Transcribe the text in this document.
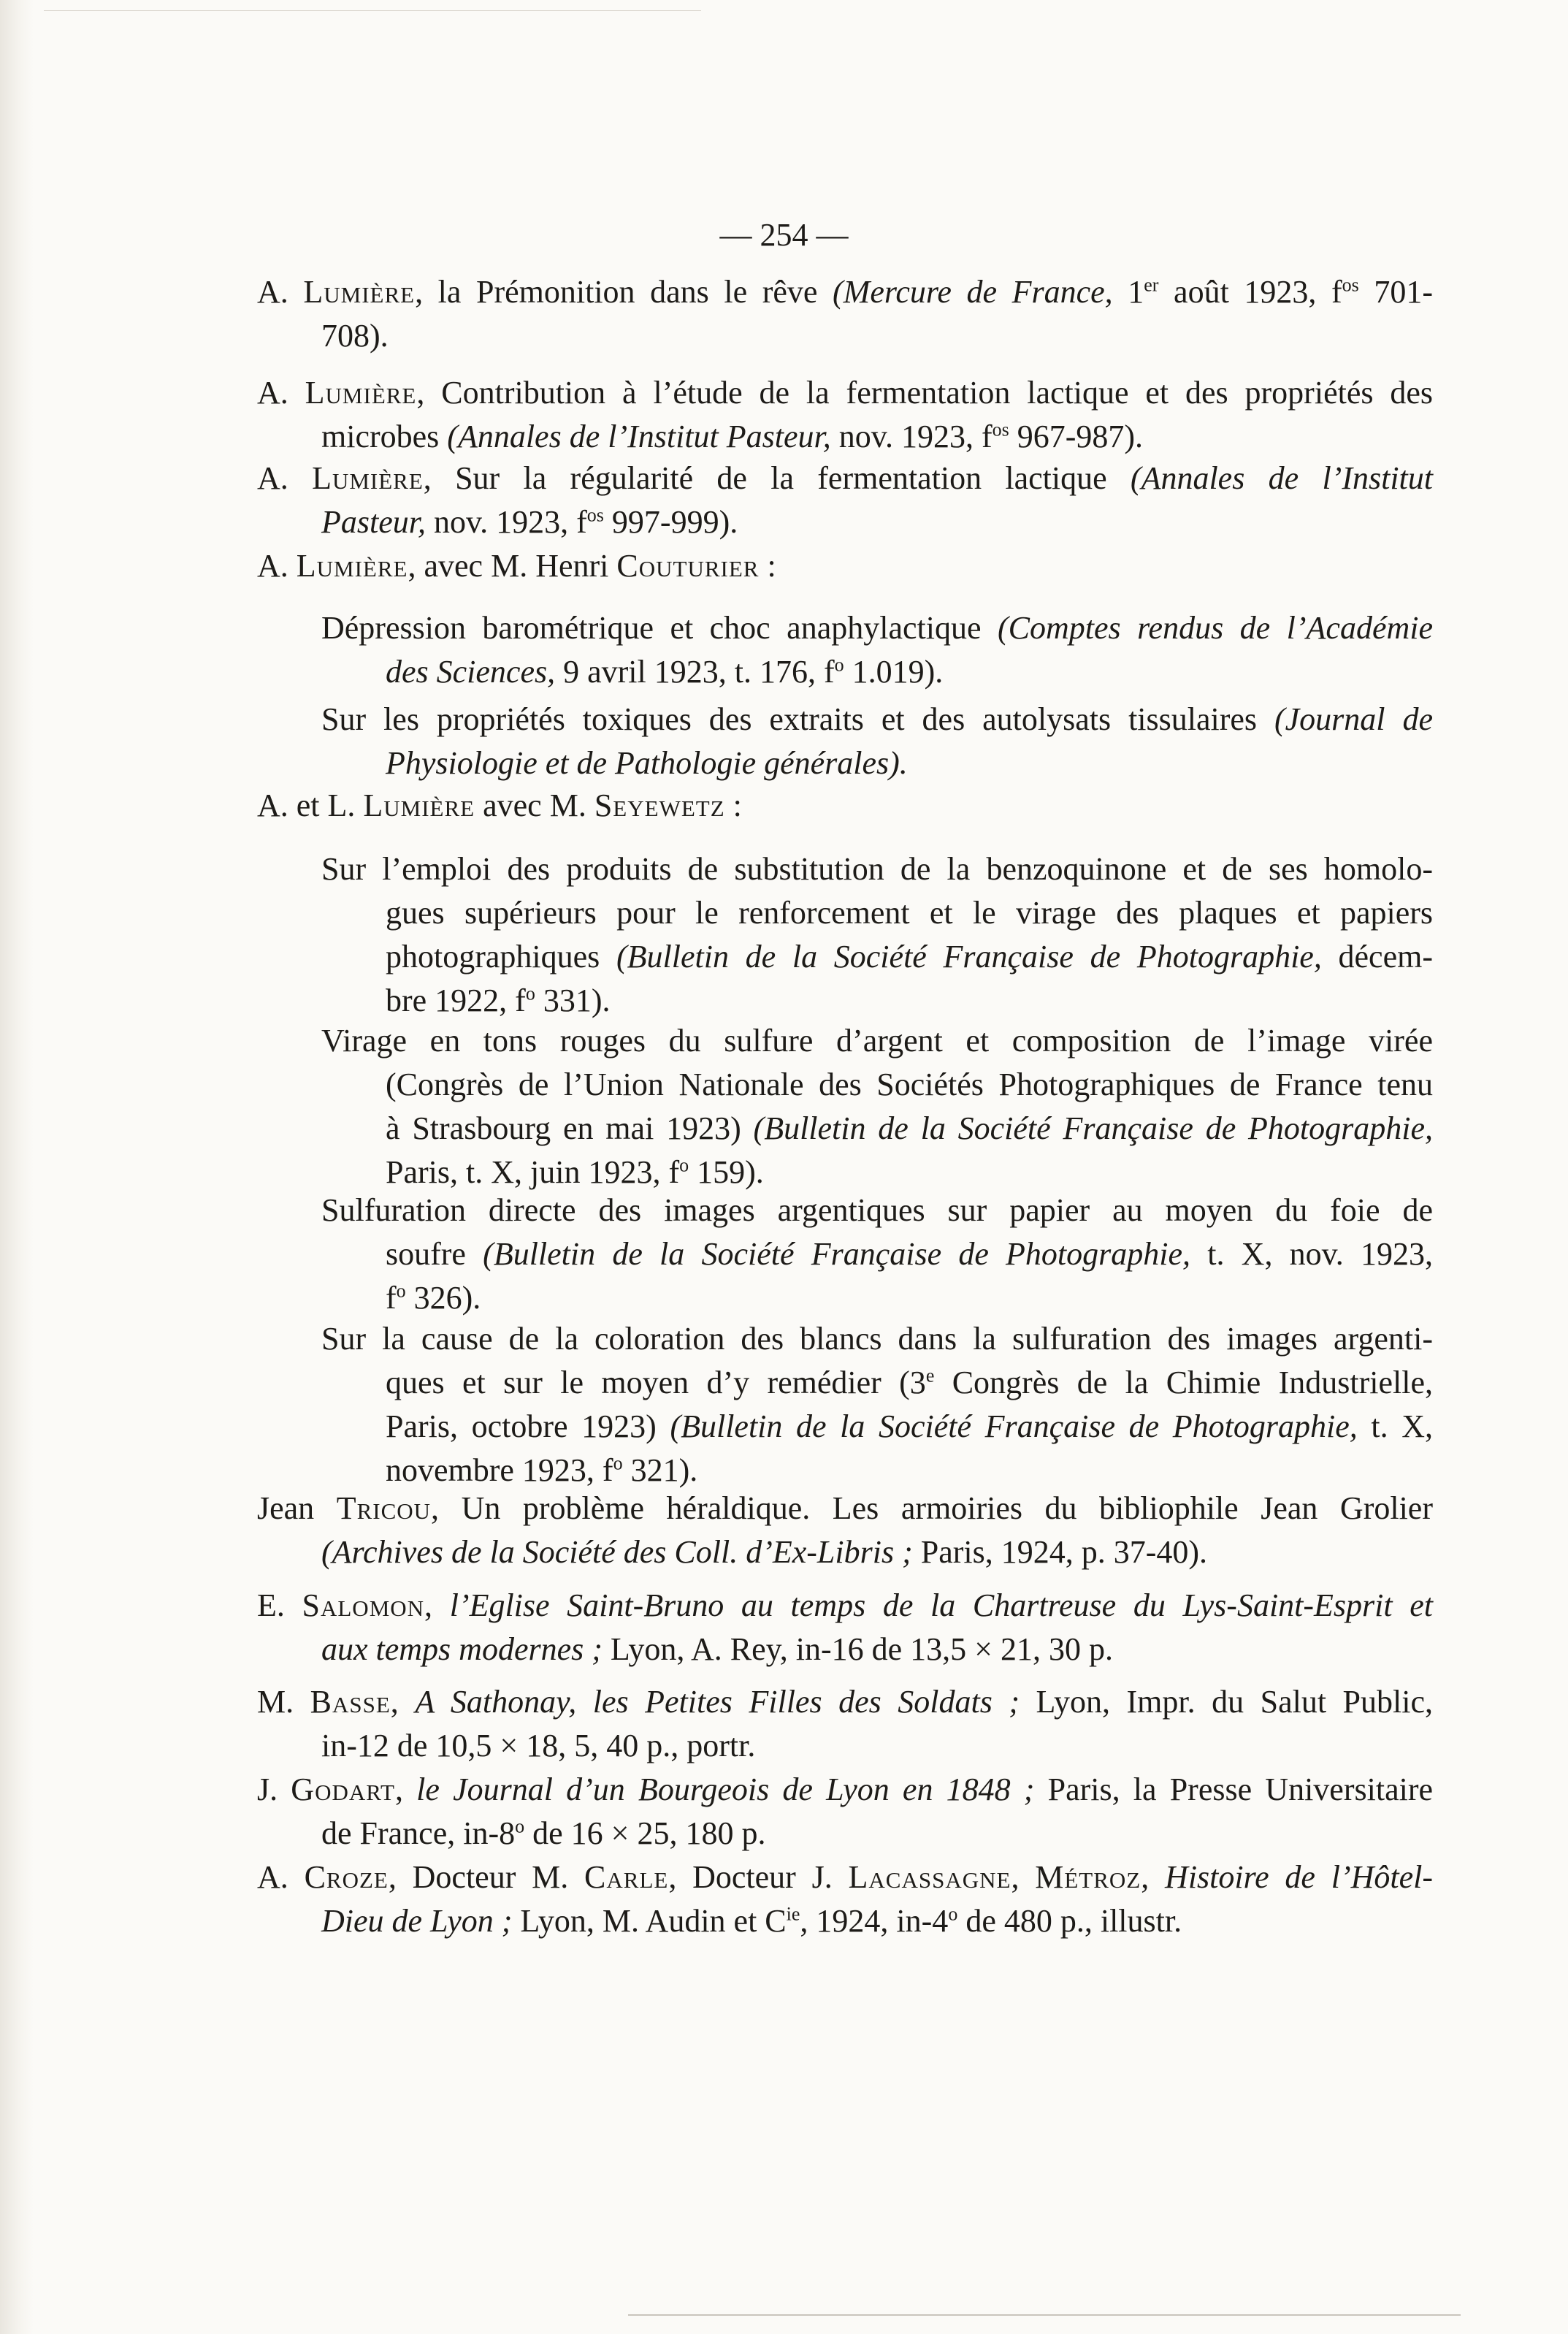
— 254 —
A. Lumière, la Prémonition dans le rêve (Mercure de France, 1er août 1923, $f^{os}$ 701-
708).
A. Lumière, Contribution à l’étude de la fermentation lactique et des propriétés des
microbes (Annales de l’Institut Pasteur, nov. 1923, $f^{os}$ 967-987).
A. Lumière, Sur la régularité de la fermentation lactique (Annales de l’Institut
Pasteur, nov. 1923, $f^{os}$ 997-999).
A. Lumière, avec M. Henri Couturier :
Dépression barométrique et choc anaphylactique (Comptes rendus de l’Académie
des Sciences, 9 avril 1923, t. 176, $f^o$ 1.019).
Sur les propriétés toxiques des extraits et des autolysats tissulaires (Journal de
Physiologie et de Pathologie générales).
A. et L. Lumière avec M. Seyewetz :
Sur l’emploi des produits de substitution de la benzoquinone et de ses homolo-
gues supérieurs pour le renforcement et le virage des plaques et papiers
photographiques (Bulletin de la Société Française de Photographie, décem-
bre 1922, $f^o$ 331).
Virage en tons rouges du sulfure d’argent et composition de l’image virée
(Congrès de l’Union Nationale des Sociétés Photographiques de France tenu
à Strasbourg en mai 1923) (Bulletin de la Société Française de Photographie,
Paris, t. X, juin 1923, $f^o$ 159).
Sulfuration directe des images argentiques sur papier au moyen du foie de
soufre (Bulletin de la Société Française de Photographie, t. X, nov. 1923,
$f^o$ 326).
Sur la cause de la coloration des blancs dans la sulfuration des images argenti-
ques et sur le moyen d’y remédier (3e Congrès de la Chimie Industrielle,
Paris, octobre 1923) (Bulletin de la Société Française de Photographie, t. X,
novembre 1923, $f^o$ 321).
Jean Tricou, Un problème héraldique. Les armoiries du bibliophile Jean Grolier
(Archives de la Société des Coll. d’Ex-Libris ; Paris, 1924, p. 37-40).
E. Salomon, l’Eglise Saint-Bruno au temps de la Chartreuse du Lys-Saint-Esprit et
aux temps modernes ; Lyon, A. Rey, in-16 de 13,5 × 21, 30 p.
M. Basse, A Sathonay, les Petites Filles des Soldats ; Lyon, Impr. du Salut Public,
in-12 de 10,5 × 18, 5, 40 p., portr.
J. Godart, le Journal d’un Bourgeois de Lyon en 1848 ; Paris, la Presse Universitaire
de France, in-8$^o$ de 16 × 25, 180 p.
A. Croze, Docteur M. Carle, Docteur J. Lacassagne, Métroz, Histoire de l’Hôtel-
Dieu de Lyon ; Lyon, M. Audin et $C^{ie}$, 1924, in-4$^o$ de 480 p., illustr.
